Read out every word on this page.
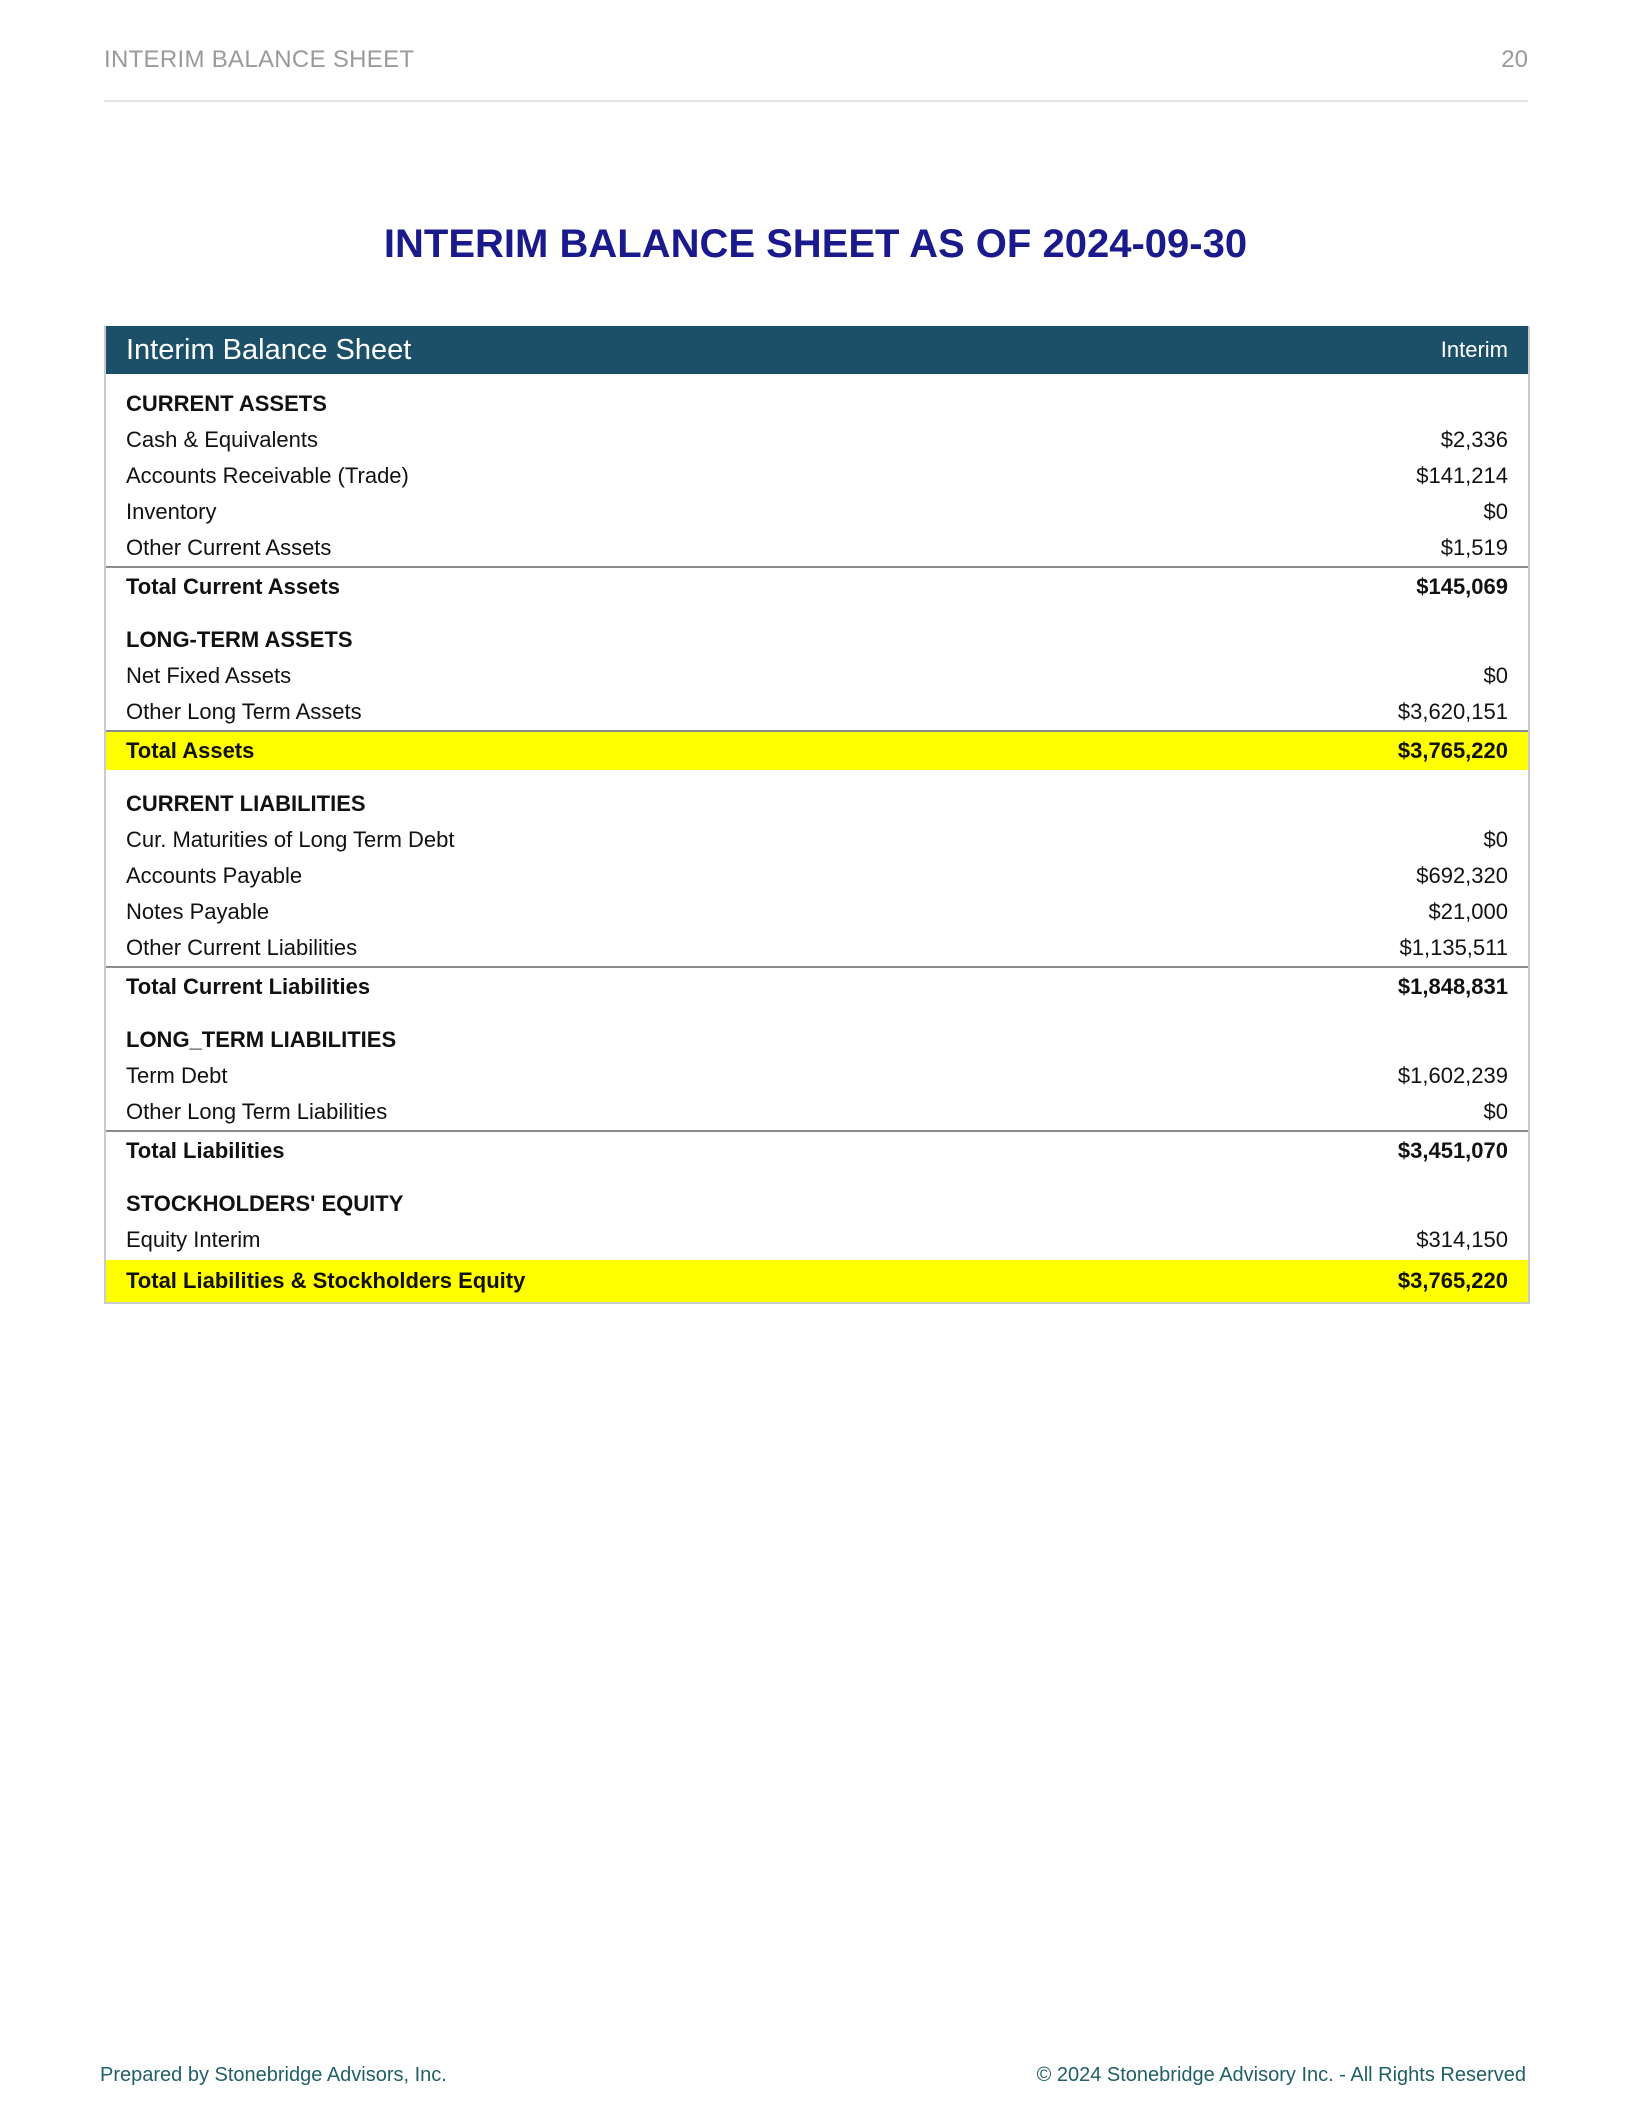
INTERIM BALANCE SHEET	20
INTERIM BALANCE SHEET AS OF 2024-09-30
Interim Balance Sheet	Interim
CURRENT ASSETS
Cash & Equivalents	$2,336
Accounts Receivable (Trade)	$141,214
Inventory	$0
Other Current Assets	$1,519
Total Current Assets	$145,069
LONG-TERM ASSETS
Net Fixed Assets	$0
Other Long Term Assets	$3,620,151
Total Assets	$3,765,220
CURRENT LIABILITIES
Cur. Maturities of Long Term Debt	$0
Accounts Payable	$692,320
Notes Payable	$21,000
Other Current Liabilities	$1,135,511
Total Current Liabilities	$1,848,831
LONG_TERM LIABILITIES
Term Debt	$1,602,239
Other Long Term Liabilities	$0
Total Liabilities	$3,451,070
STOCKHOLDERS' EQUITY
Equity Interim	$314,150
Total Liabilities & Stockholders Equity	$3,765,220
Prepared by Stonebridge Advisors, Inc.	© 2024 Stonebridge Advisory Inc. - All Rights Reserved
